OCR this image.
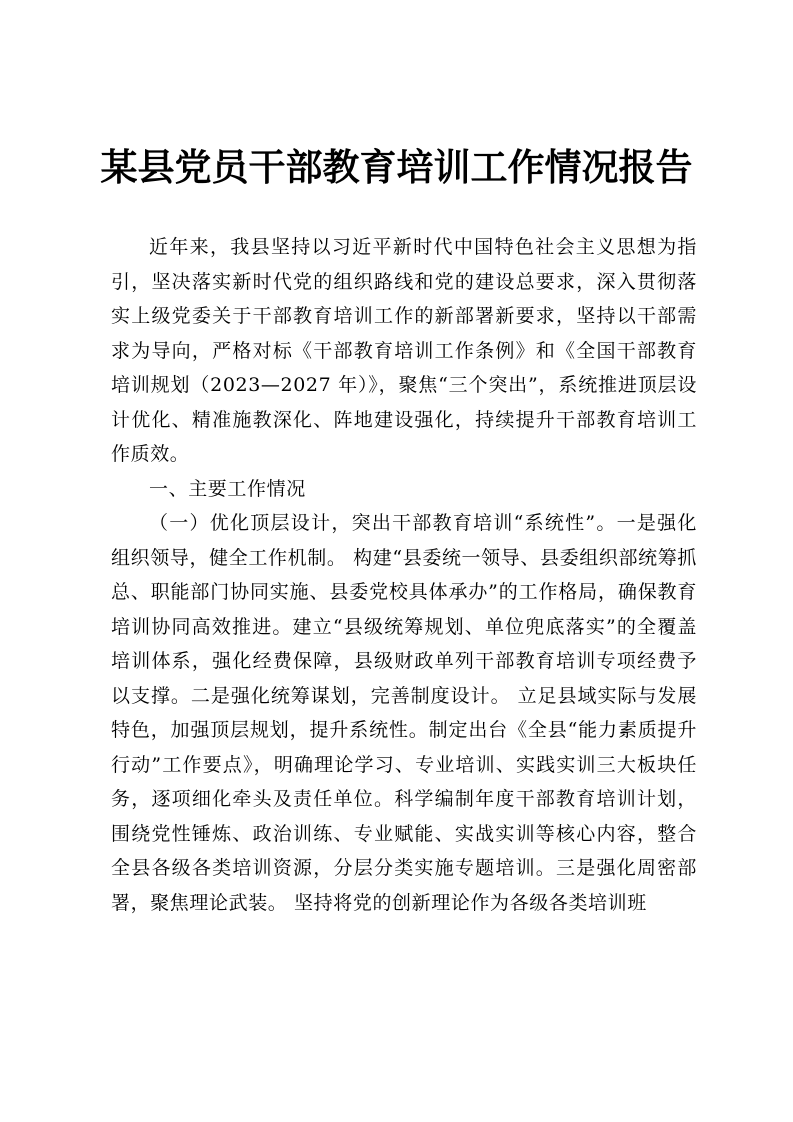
某县党员干部教育培训工作情况报告

近年来，我县坚持以习近平新时代中国特色社会主义思想为指引，坚决落实新时代党的组织路线和党的建设总要求，深入贯彻落实上级党委关于干部教育培训工作的新部署新要求，坚持以干部需求为导向，严格对标《干部教育培训工作条例》和《全国干部教育培训规划（2023—2027 年）》，聚焦“三个突出”，系统推进顶层设计优化、精准施教深化、阵地建设强化，持续提升干部教育培训工作质效。

一、主要工作情况

（一）优化顶层设计，突出干部教育培训“系统性”。一是强化组织领导，健全工作机制。 构建“县委统一领导、县委组织部统筹抓总、职能部门协同实施、县委党校具体承办”的工作格局，确保教育培训协同高效推进。建立“县级统筹规划、单位兜底落实”的全覆盖培训体系，强化经费保障，县级财政单列干部教育培训专项经费予以支撑。二是强化统筹谋划，完善制度设计。 立足县域实际与发展特色，加强顶层规划，提升系统性。制定出台《全县“能力素质提升行动”工作要点》，明确理论学习、专业培训、实践实训三大板块任务，逐项细化牵头及责任单位。科学编制年度干部教育培训计划，围绕党性锤炼、政治训练、专业赋能、实战实训等核心内容，整合全县各级各类培训资源，分层分类实施专题培训。三是强化周密部署，聚焦理论武装。 坚持将党的创新理论作为各级各类培训班
